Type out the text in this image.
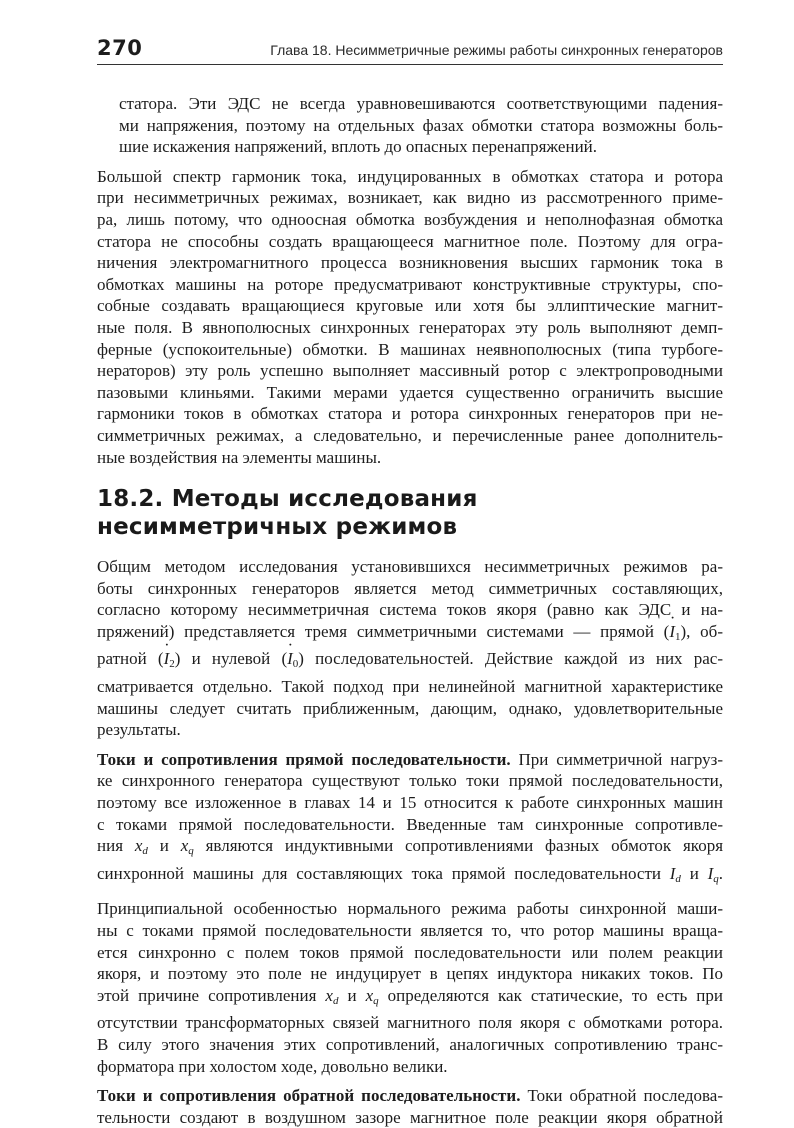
270	Глава 18. Несимметричные режимы работы синхронных генераторов

статора. Эти ЭДС не всегда уравновешиваются соответствующими падения-
ми напряжения, поэтому на отдельных фазах обмотки статора возможны боль-
шие искажения напряжений, вплоть до опасных перенапряжений.

Большой спектр гармоник тока, индуцированных в обмотках статора и ротора
при несимметричных режимах, возникает, как видно из рассмотренного приме-
ра, лишь потому, что одноосная обмотка возбуждения и неполнофазная обмотка
статора не способны создать вращающееся магнитное поле. Поэтому для огра-
ничения электромагнитного процесса возникновения высших гармоник тока в
обмотках машины на роторе предусматривают конструктивные структуры, спо-
собные создавать вращающиеся круговые или хотя бы эллиптические магнит-
ные поля. В явнополюсных синхронных генераторах эту роль выполняют демп-
ферные (успокоительные) обмотки. В машинах неявнополюсных (типа турбоге-
нераторов) эту роль успешно выполняет массивный ротор с электропроводными
пазовыми клиньями. Такими мерами удается существенно ограничить высшие
гармоники токов в обмотках статора и ротора синхронных генераторов при не-
симметричных режимах, а следовательно, и перечисленные ранее дополнитель-
ные воздействия на элементы машины.

18.2. Методы исследования
несимметричных режимов

Общим методом исследования установившихся несимметричных режимов ра-
боты синхронных генераторов является метод симметричных составляющих,
согласно которому несимметричная система токов якоря (равно как ЭДС и на-
пряжений) представляется тремя симметричными системами — прямой (· $I_1$), об-
ратной (· $I_2$) и нулевой (· $I_0$) последовательностей. Действие каждой из них рас-
сматривается отдельно. Такой подход при нелинейной магнитной характеристике
машины следует считать приближенным, дающим, однако, удовлетворительные
результаты.

Токи и сопротивления прямой последовательности. При симметричной нагруз-
ке синхронного генератора существуют только токи прямой последовательности,
поэтому все изложенное в главах 14 и 15 относится к работе синхронных машин
с токами прямой последовательности. Введенные там синхронные сопротивле-
ния $x_d$ и $x_q$ являются индуктивными сопротивлениями фазных обмоток якоря
синхронной машины для составляющих тока прямой последовательности $I_d$ и $I_q$.

Принципиальной особенностью нормального режима работы синхронной маши-
ны с токами прямой последовательности является то, что ротор машины враща-
ется синхронно с полем токов прямой последовательности или полем реакции
якоря, и поэтому это поле не индуцирует в цепях индуктора никаких токов. По
этой причине сопротивления $x_d$ и $x_q$ определяются как статические, то есть при
отсутствии трансформаторных связей магнитного поля якоря с обмотками ротора.
В силу этого значения этих сопротивлений, аналогичных сопротивлению транс-
форматора при холостом ходе, довольно велики.

Токи и сопротивления обратной последовательности. Токи обратной последова-
тельности создают в воздушном зазоре магнитное поле реакции якоря обратной
